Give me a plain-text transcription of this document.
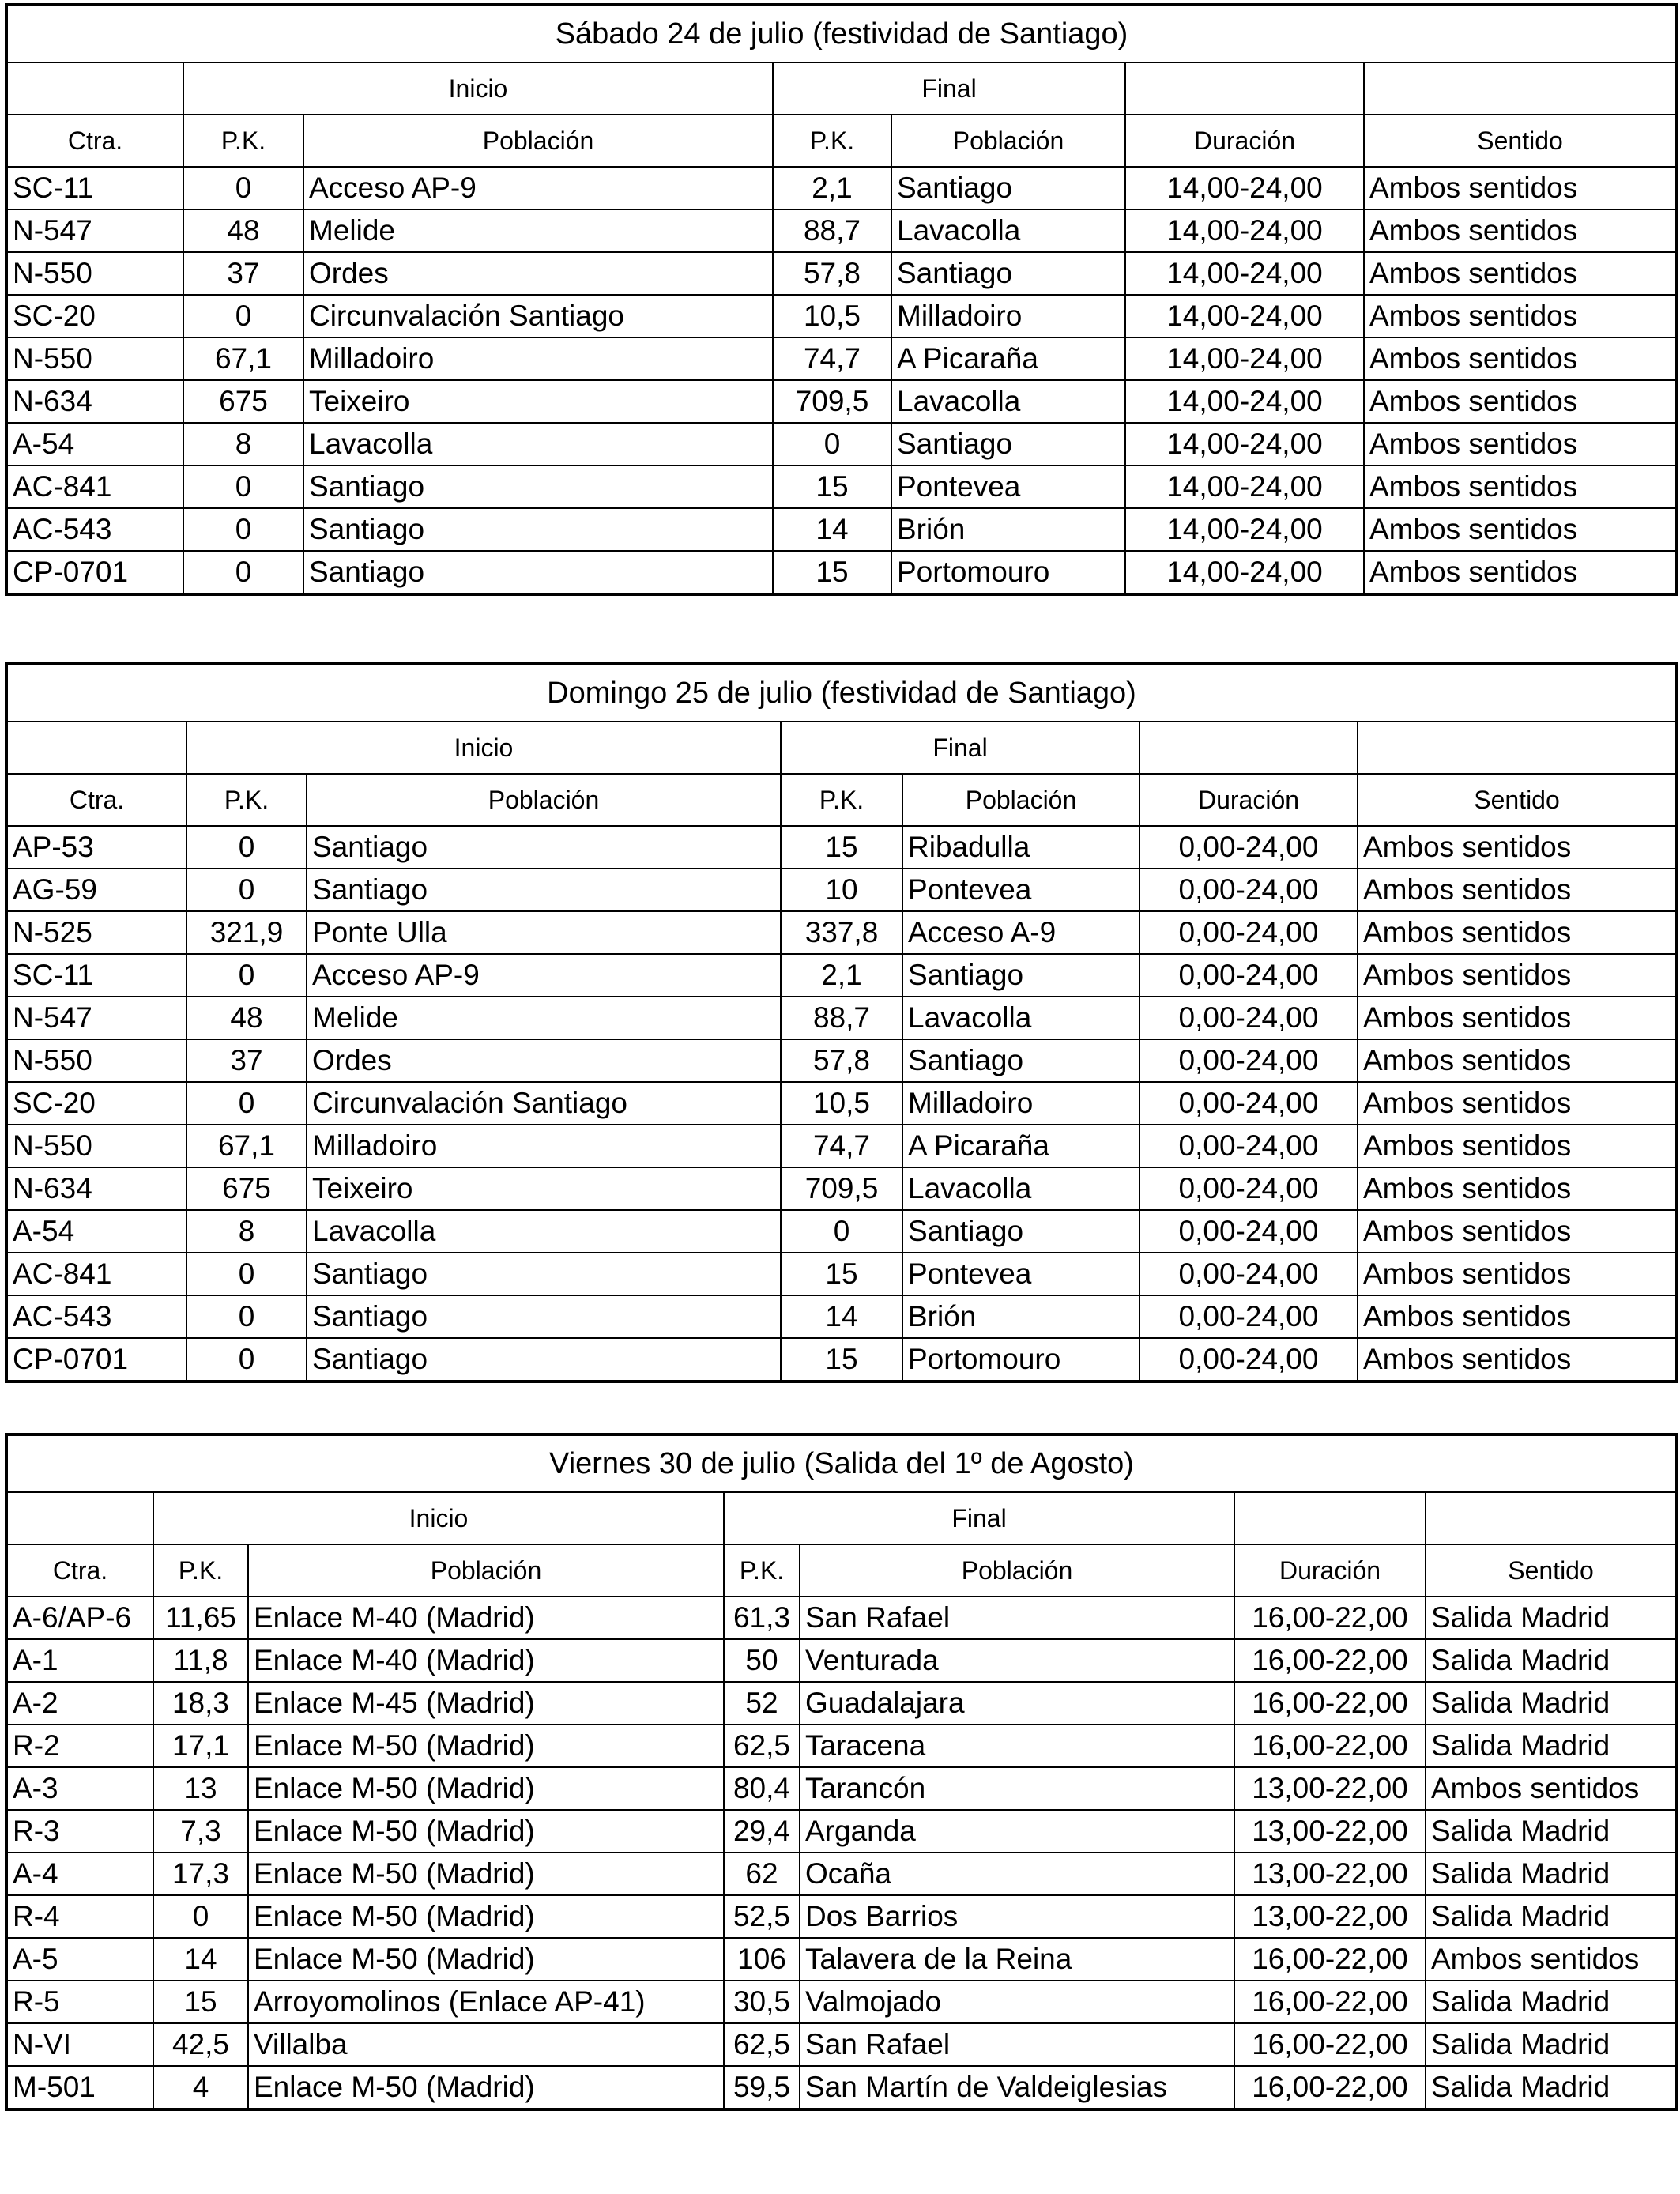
Sábado 24 de julio (festividad de Santiago)						
	Inicio		Final			
Ctra.	P.K.	Población	P.K.	Población	Duración	Sentido
SC-11	0	Acceso AP-9	2,1	Santiago	14,00-24,00	Ambos sentidos
N-547	48	Melide	88,7	Lavacolla	14,00-24,00	Ambos sentidos
N-550	37	Ordes	57,8	Santiago	14,00-24,00	Ambos sentidos
SC-20	0	Circunvalación Santiago	10,5	Milladoiro	14,00-24,00	Ambos sentidos
N-550	67,1	Milladoiro	74,7	A Picaraña	14,00-24,00	Ambos sentidos
N-634	675	Teixeiro	709,5	Lavacolla	14,00-24,00	Ambos sentidos
A-54	8	Lavacolla	0	Santiago	14,00-24,00	Ambos sentidos
AC-841	0	Santiago	15	Pontevea	14,00-24,00	Ambos sentidos
AC-543	0	Santiago	14	Brión	14,00-24,00	Ambos sentidos
CP-0701	0	Santiago	15	Portomouro	14,00-24,00	Ambos sentidos
Domingo 25 de julio (festividad de Santiago)						
	Inicio		Final			
Ctra.	P.K.	Población	P.K.	Población	Duración	Sentido
AP-53	0	Santiago	15	Ribadulla	0,00-24,00	Ambos sentidos
AG-59	0	Santiago	10	Pontevea	0,00-24,00	Ambos sentidos
N-525	321,9	Ponte Ulla	337,8	Acceso A-9	0,00-24,00	Ambos sentidos
SC-11	0	Acceso AP-9	2,1	Santiago	0,00-24,00	Ambos sentidos
N-547	48	Melide	88,7	Lavacolla	0,00-24,00	Ambos sentidos
N-550	37	Ordes	57,8	Santiago	0,00-24,00	Ambos sentidos
SC-20	0	Circunvalación Santiago	10,5	Milladoiro	0,00-24,00	Ambos sentidos
N-550	67,1	Milladoiro	74,7	A Picaraña	0,00-24,00	Ambos sentidos
N-634	675	Teixeiro	709,5	Lavacolla	0,00-24,00	Ambos sentidos
A-54	8	Lavacolla	0	Santiago	0,00-24,00	Ambos sentidos
AC-841	0	Santiago	15	Pontevea	0,00-24,00	Ambos sentidos
AC-543	0	Santiago	14	Brión	0,00-24,00	Ambos sentidos
CP-0701	0	Santiago	15	Portomouro	0,00-24,00	Ambos sentidos
Viernes 30 de julio (Salida del 1º de Agosto)						
	Inicio		Final			
Ctra.	P.K.	Población	P.K.	Población	Duración	Sentido
A-6/AP-6	11,65	Enlace M-40 (Madrid)	61,3	San Rafael	16,00-22,00	Salida Madrid
A-1	11,8	Enlace M-40 (Madrid)	50	Venturada	16,00-22,00	Salida Madrid
A-2	18,3	Enlace M-45 (Madrid)	52	Guadalajara	16,00-22,00	Salida Madrid
R-2	17,1	Enlace M-50 (Madrid)	62,5	Taracena	16,00-22,00	Salida Madrid
A-3	13	Enlace M-50 (Madrid)	80,4	Tarancón	13,00-22,00	Ambos sentidos
R-3	7,3	Enlace M-50 (Madrid)	29,4	Arganda	13,00-22,00	Salida Madrid
A-4	17,3	Enlace M-50 (Madrid)	62	Ocaña	13,00-22,00	Salida Madrid
R-4	0	Enlace M-50 (Madrid)	52,5	Dos Barrios	13,00-22,00	Salida Madrid
A-5	14	Enlace M-50 (Madrid)	106	Talavera de la Reina	16,00-22,00	Ambos sentidos
R-5	15	Arroyomolinos (Enlace AP-41)	30,5	Valmojado	16,00-22,00	Salida Madrid
N-VI	42,5	Villalba	62,5	San Rafael	16,00-22,00	Salida Madrid
M-501	4	Enlace M-50 (Madrid)	59,5	San Martín de Valdeiglesias	16,00-22,00	Salida Madrid
